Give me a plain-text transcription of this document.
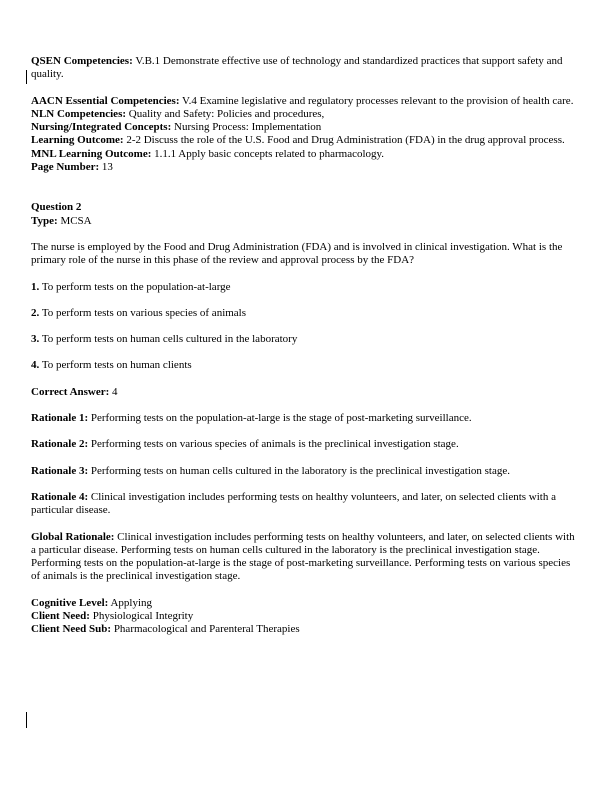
QSEN Competencies: V.B.1 Demonstrate effective use of technology and standardized practices that support safety and quality.

AACN Essential Competencies: V.4 Examine legislative and regulatory processes relevant to the provision of health care.

NLN Competencies: Quality and Safety: Policies and procedures,

Nursing/Integrated Concepts: Nursing Process: Implementation

Learning Outcome: 2-2 Discuss the role of the U.S. Food and Drug Administration (FDA) in the drug approval process.

MNL Learning Outcome: 1.1.1 Apply basic concepts related to pharmacology.

Page Number: 13

Question 2

Type: MCSA

The nurse is employed by the Food and Drug Administration (FDA) and is involved in clinical investigation. What is the primary role of the nurse in this phase of the review and approval process by the FDA?

1. To perform tests on the population-at-large

2. To perform tests on various species of animals

3. To perform tests on human cells cultured in the laboratory

4. To perform tests on human clients

Correct Answer: 4

Rationale 1: Performing tests on the population-at-large is the stage of post-marketing surveillance.

Rationale 2: Performing tests on various species of animals is the preclinical investigation stage.

Rationale 3: Performing tests on human cells cultured in the laboratory is the preclinical investigation stage.

Rationale 4: Clinical investigation includes performing tests on healthy volunteers, and later, on selected clients with a particular disease.

Global Rationale: Clinical investigation includes performing tests on healthy volunteers, and later, on selected clients with a particular disease. Performing tests on human cells cultured in the laboratory is the preclinical investigation stage. Performing tests on the population-at-large is the stage of post-marketing surveillance. Performing tests on various species of animals is the preclinical investigation stage.

Cognitive Level: Applying

Client Need: Physiological Integrity

Client Need Sub: Pharmacological and Parenteral Therapies
